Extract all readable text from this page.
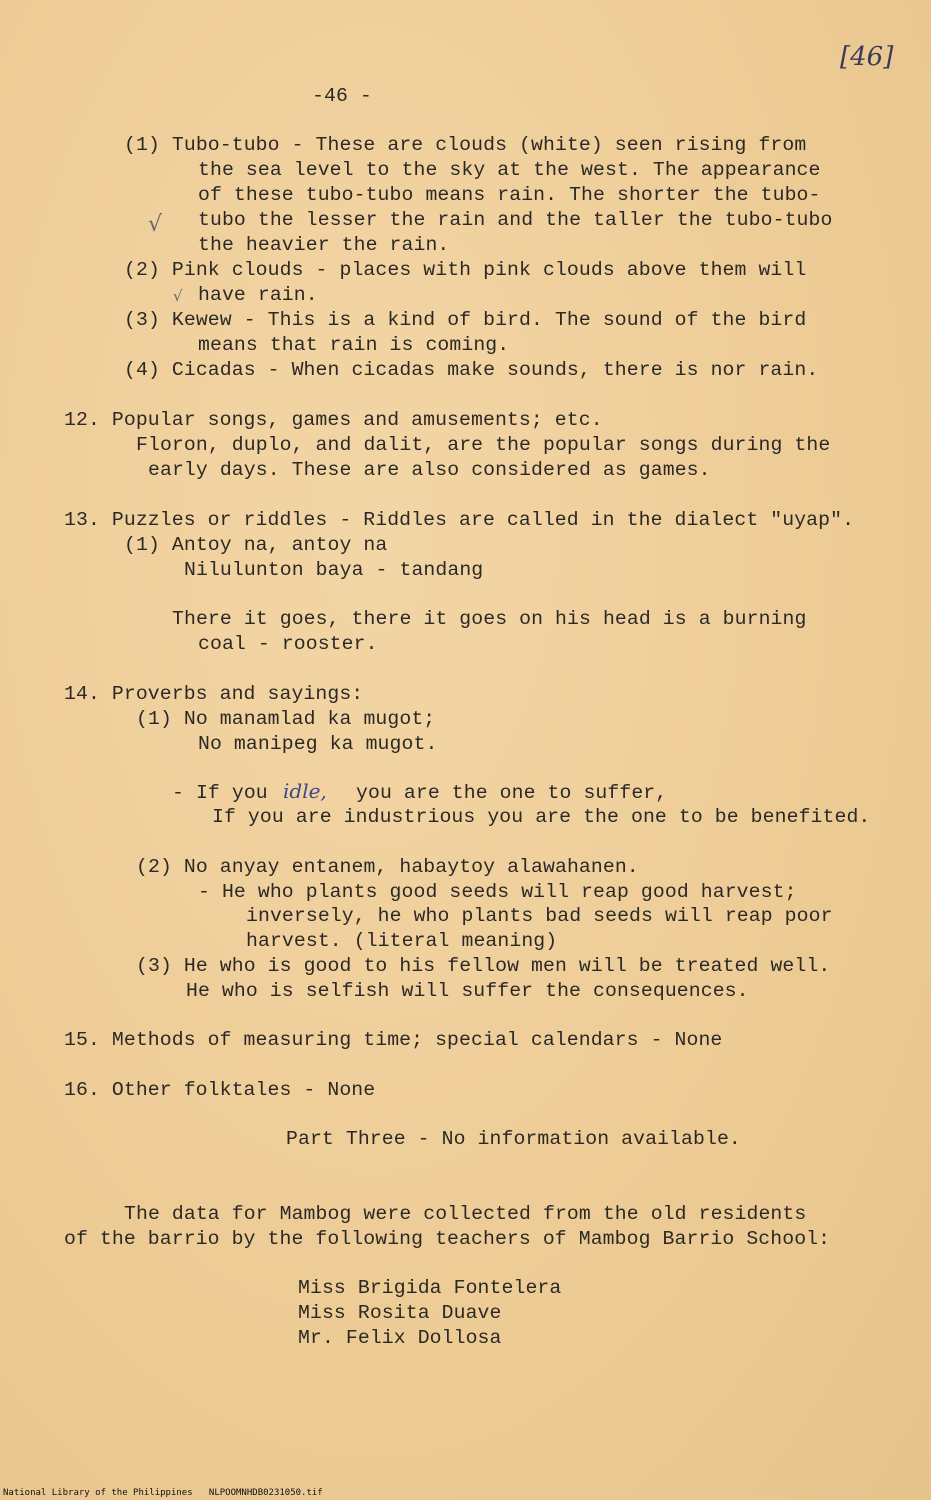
[46]
-46 -
(1) Tubo-tubo - These are clouds (white) seen rising from
the sea level to the sky at the west. The appearance
of these tubo-tubo means rain. The shorter the tubo-
tubo the lesser the rain and the taller the tubo-tubo
the heavier the rain.
√
(2) Pink clouds - places with pink clouds above them will
have rain.
√
(3) Kewew - This is a kind of bird. The sound of the bird
means that rain is coming.
(4) Cicadas - When cicadas make sounds, there is nor rain.
12. Popular songs, games and amusements; etc.
Floron, duplo, and dalit, are the popular songs during the
early days. These are also considered as games.
13. Puzzles or riddles - Riddles are called in the dialect "uyap".
(1) Antoy na, antoy na
Nilulunton baya - tandang
There it goes, there it goes on his head is a burning
coal - rooster.
14. Proverbs and sayings:
(1) No manamlad ka mugot;
No manipeg ka mugot.
- If you idle, you are the one to suffer,
If you are industrious you are the one to be benefited.
(2) No anyay entanem, habaytoy alawahanen.
- He who plants good seeds will reap good harvest;
inversely, he who plants bad seeds will reap poor
harvest. (literal meaning)
(3) He who is good to his fellow men will be treated well.
He who is selfish will suffer the consequences.
15. Methods of measuring time; special calendars - None
16. Other folktales - None
Part Three - No information available.
The data for Mambog were collected from the old residents
of the barrio by the following teachers of Mambog Barrio School:
Miss Brigida Fontelera
Miss Rosita Duave
Mr. Felix Dollosa
National Library of the Philippines NLPOOMNHDB0231050.tif
